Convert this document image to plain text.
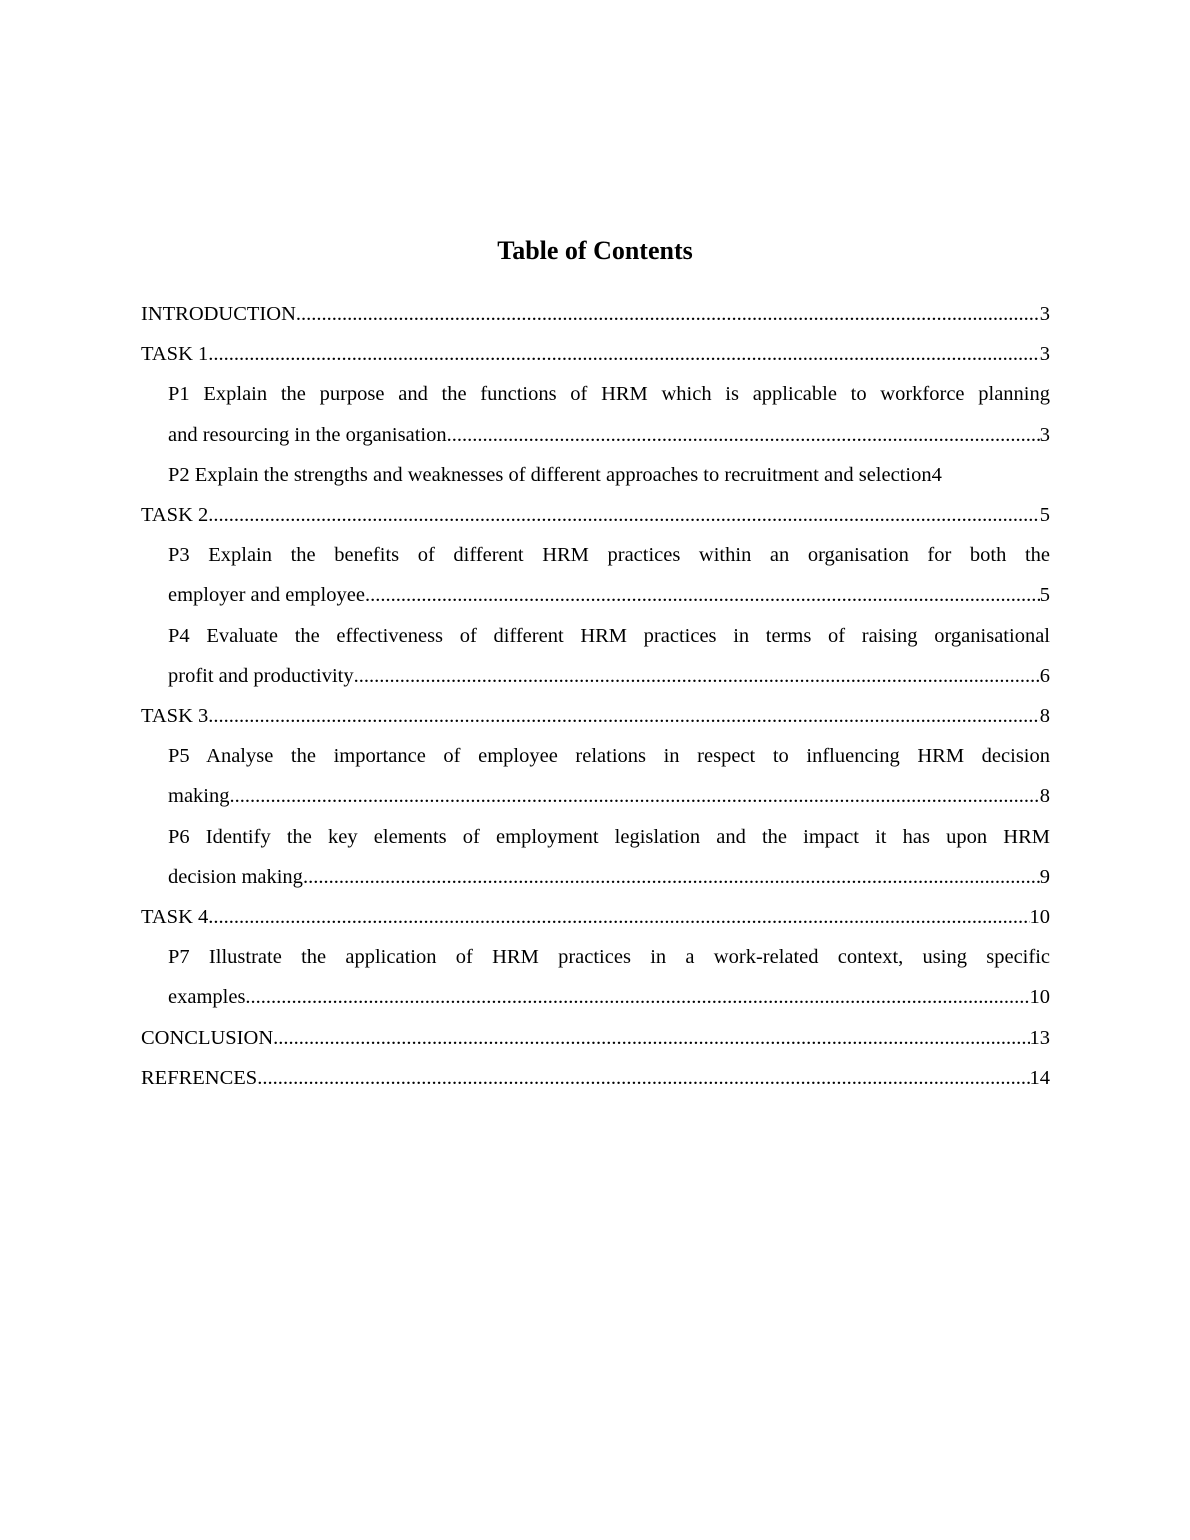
Table of Contents
INTRODUCTION .....	3
TASK 1 .....	3
P1 Explain the purpose and the functions of HRM which is applicable to workforce planning
and resourcing in the organisation .....	3
P2 Explain the strengths and weaknesses of different approaches to recruitment and selection 4
TASK 2 .....	5
P3 Explain the benefits of different HRM practices within an organisation for both the
employer and employee .....	5
P4 Evaluate the effectiveness of different HRM practices in terms of raising organisational
profit and productivity .....	6
TASK 3 .....	8
P5 Analyse the importance of employee relations in respect to influencing HRM decision
making .....	8
P6 Identify the key elements of employment legislation and the impact it has upon HRM
decision making .....	9
TASK 4 .....	10
P7 Illustrate the application of HRM practices in a work-related context, using specific
examples .....	10
CONCLUSION .....	13
REFRENCES .....	14
